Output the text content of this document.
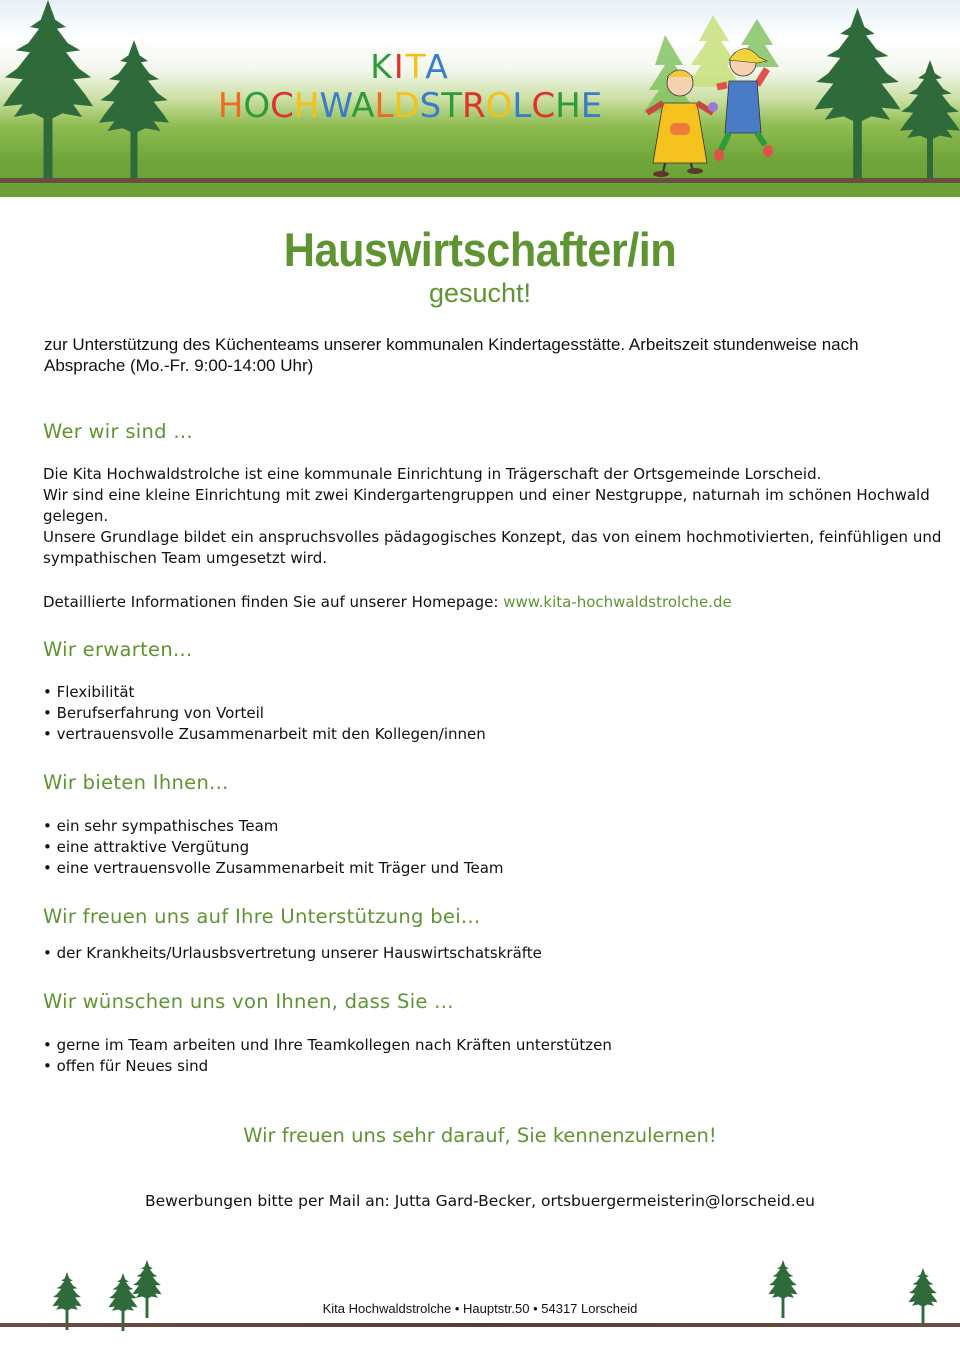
KITA
HOCHWALDSTROLCHE
Hauswirtschafter/in
gesucht!
zur Unterstützung des Küchenteams unserer kommunalen Kindertagesstätte. Arbeitszeit stundenweise nach Absprache (Mo.-Fr. 9:00-14:00 Uhr)
Wer wir sind ...
Die Kita Hochwaldstrolche ist eine kommunale Einrichtung in Trägerschaft der Ortsgemeinde Lorscheid.
Wir sind eine kleine Einrichtung mit zwei Kindergartengruppen und einer Nestgruppe, naturnah im schönen Hochwald gelegen.
Unsere Grundlage bildet ein anspruchsvolles pädagogisches Konzept, das von einem hochmotivierten, feinfühligen und sympathischen Team umgesetzt wird.
Detaillierte Informationen finden Sie auf unserer Homepage: www.kita-hochwaldstrolche.de
Wir erwarten...
• Flexibilität
• Berufserfahrung von Vorteil
• vertrauensvolle Zusammenarbeit mit den Kollegen/innen
Wir bieten Ihnen...
• ein sehr sympathisches Team
• eine attraktive Vergütung
• eine vertrauensvolle Zusammenarbeit mit Träger und Team
Wir freuen uns auf Ihre Unterstützung bei...
• der Krankheits/Urlausbsvertretung unserer Hauswirtschatskräfte
Wir wünschen uns von Ihnen, dass Sie ...
• gerne im Team arbeiten und Ihre Teamkollegen nach Kräften unterstützen
• offen für Neues sind
Wir freuen uns sehr darauf, Sie kennenzulernen!
Bewerbungen bitte per Mail an: Jutta Gard-Becker, ortsbuergermeisterin@lorscheid.eu
Kita Hochwaldstrolche • Hauptstr.50 • 54317 Lorscheid
